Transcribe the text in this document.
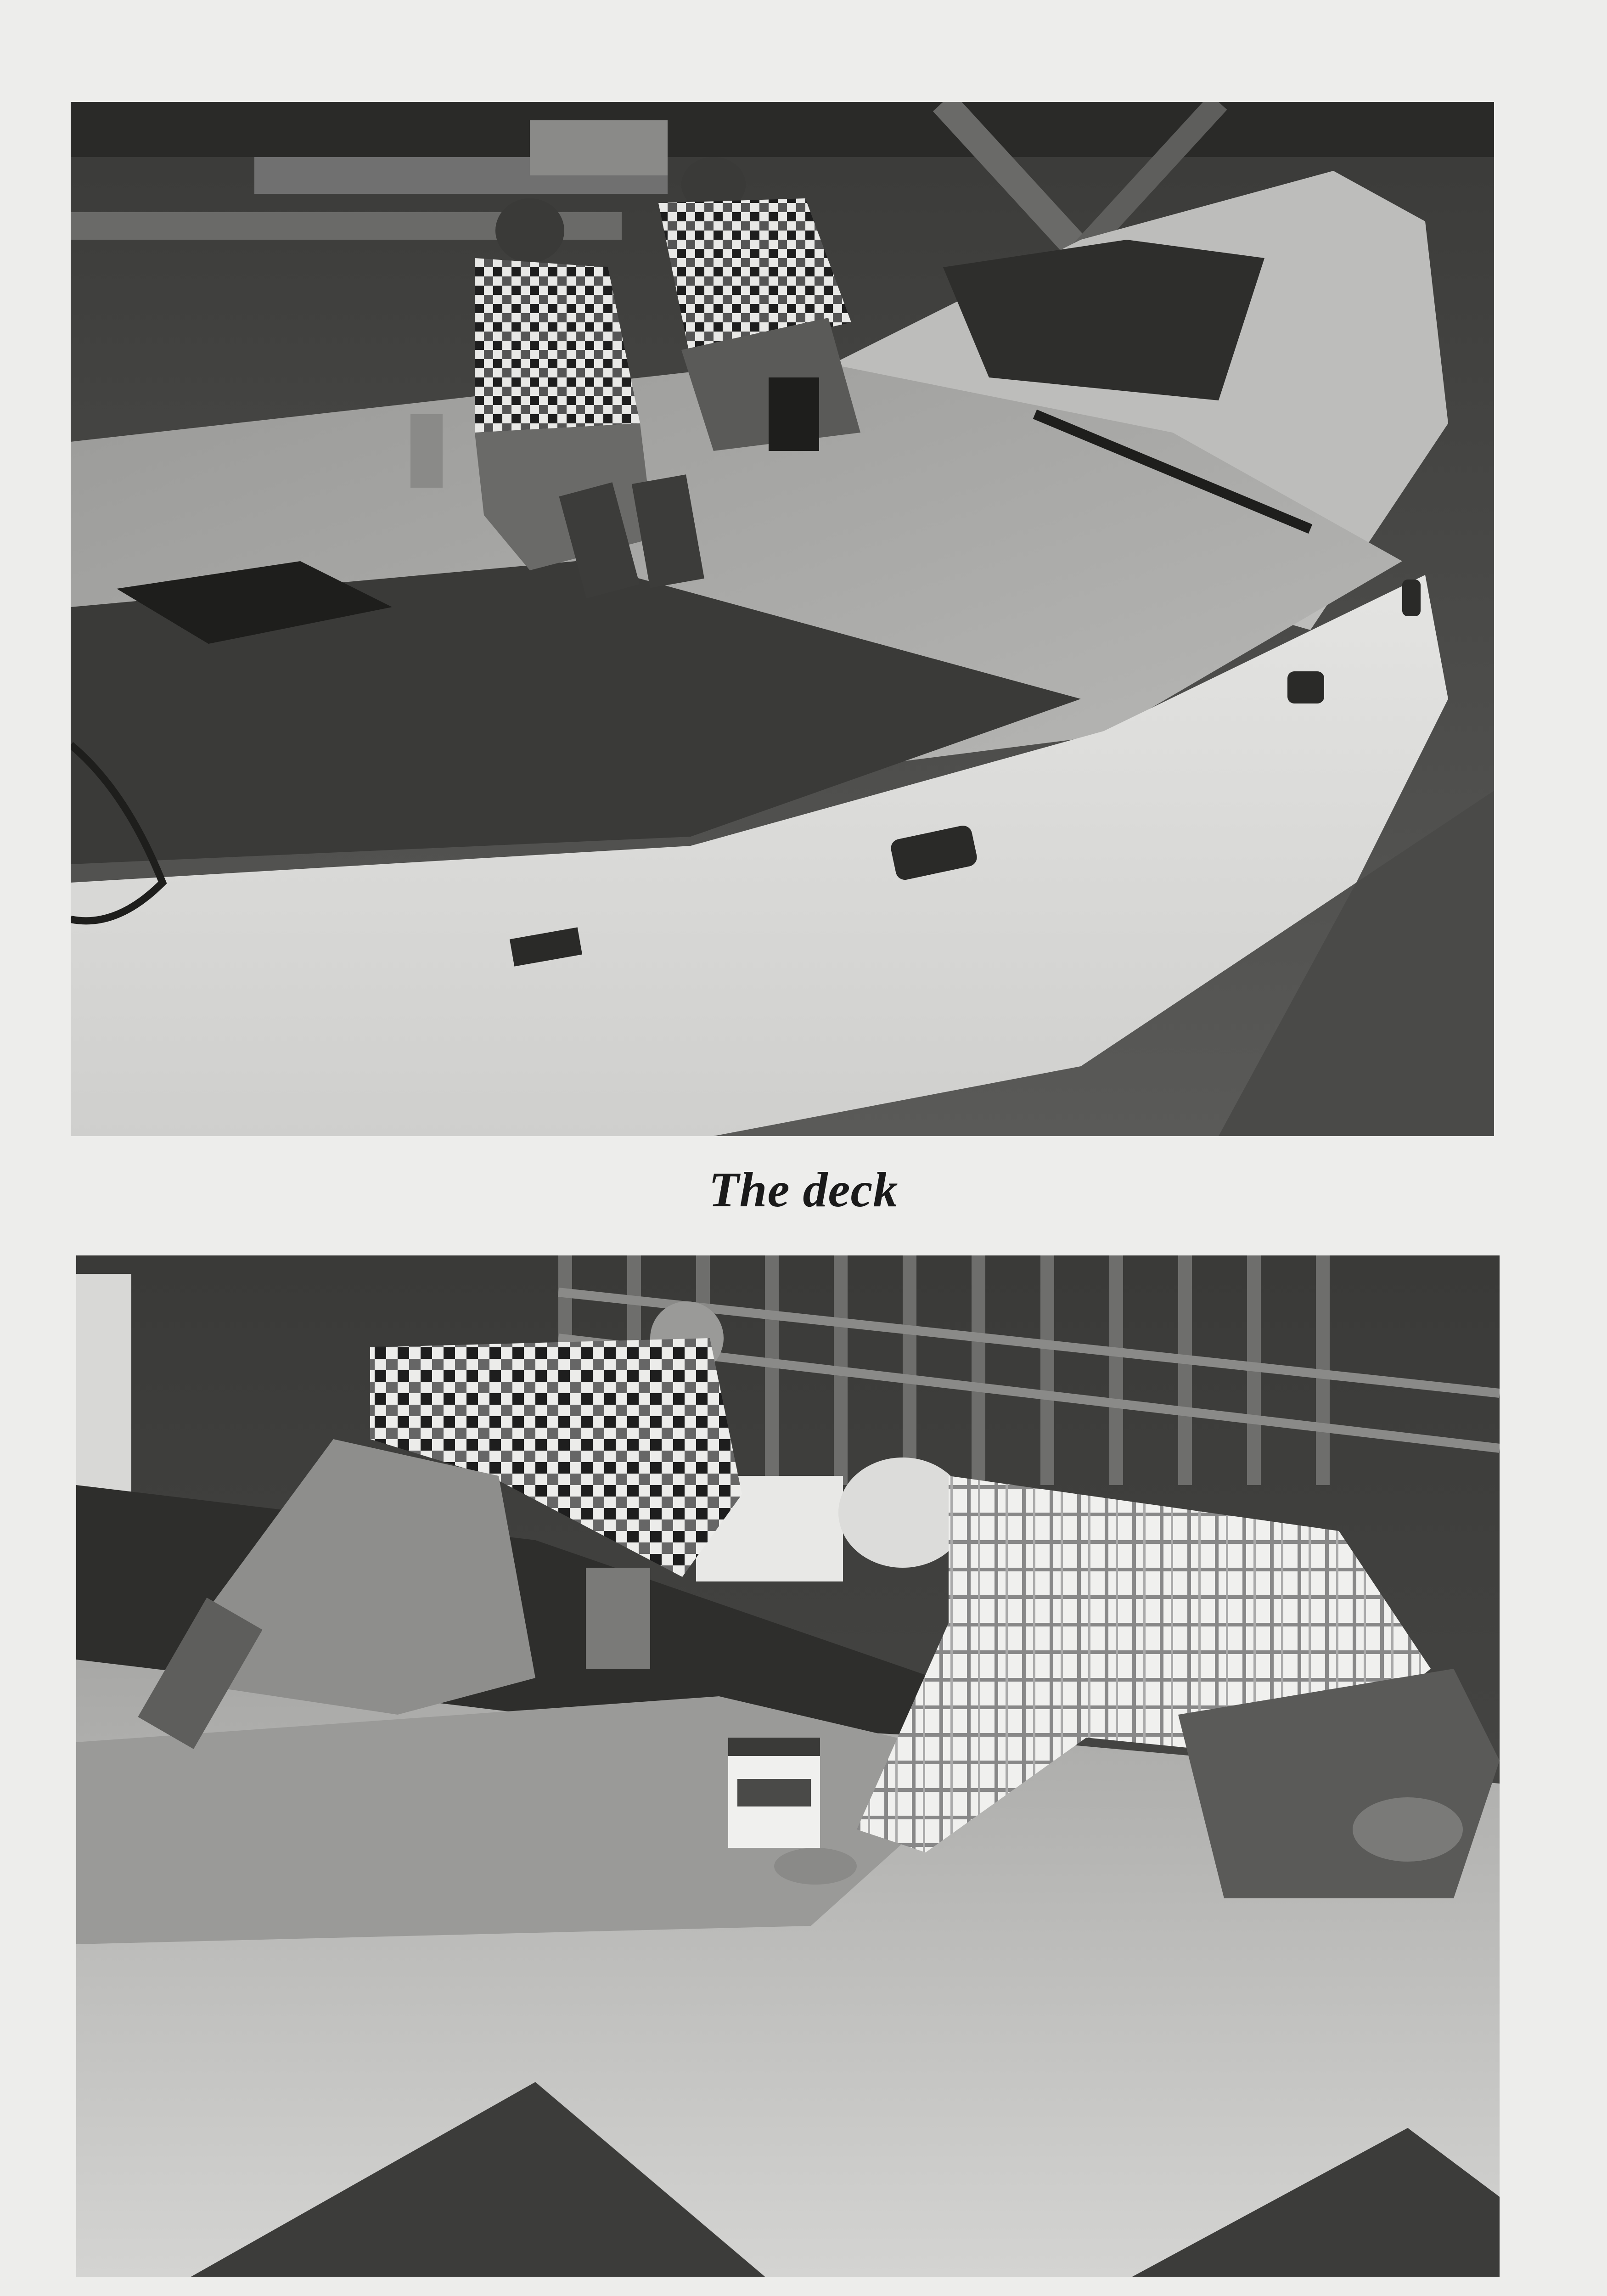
The deck
